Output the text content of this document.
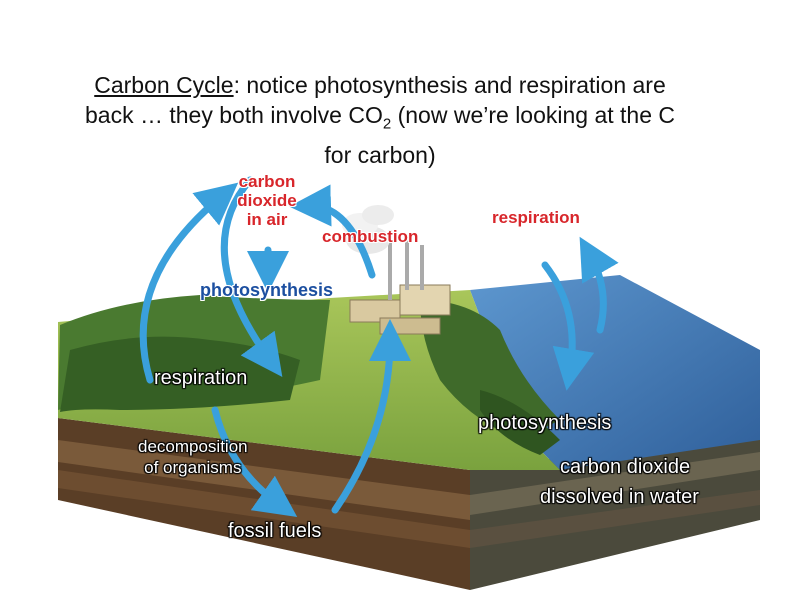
Carbon Cycle: notice photosynthesis and respiration are
back … they both involve $CO_2$ (now we’re looking at the C
for carbon)
carbon
dioxide
in air
combustion
respiration
photosynthesis
respiration
photosynthesis
decomposition
of organisms	carbon dioxide
dissolved in water
fossil fuels
